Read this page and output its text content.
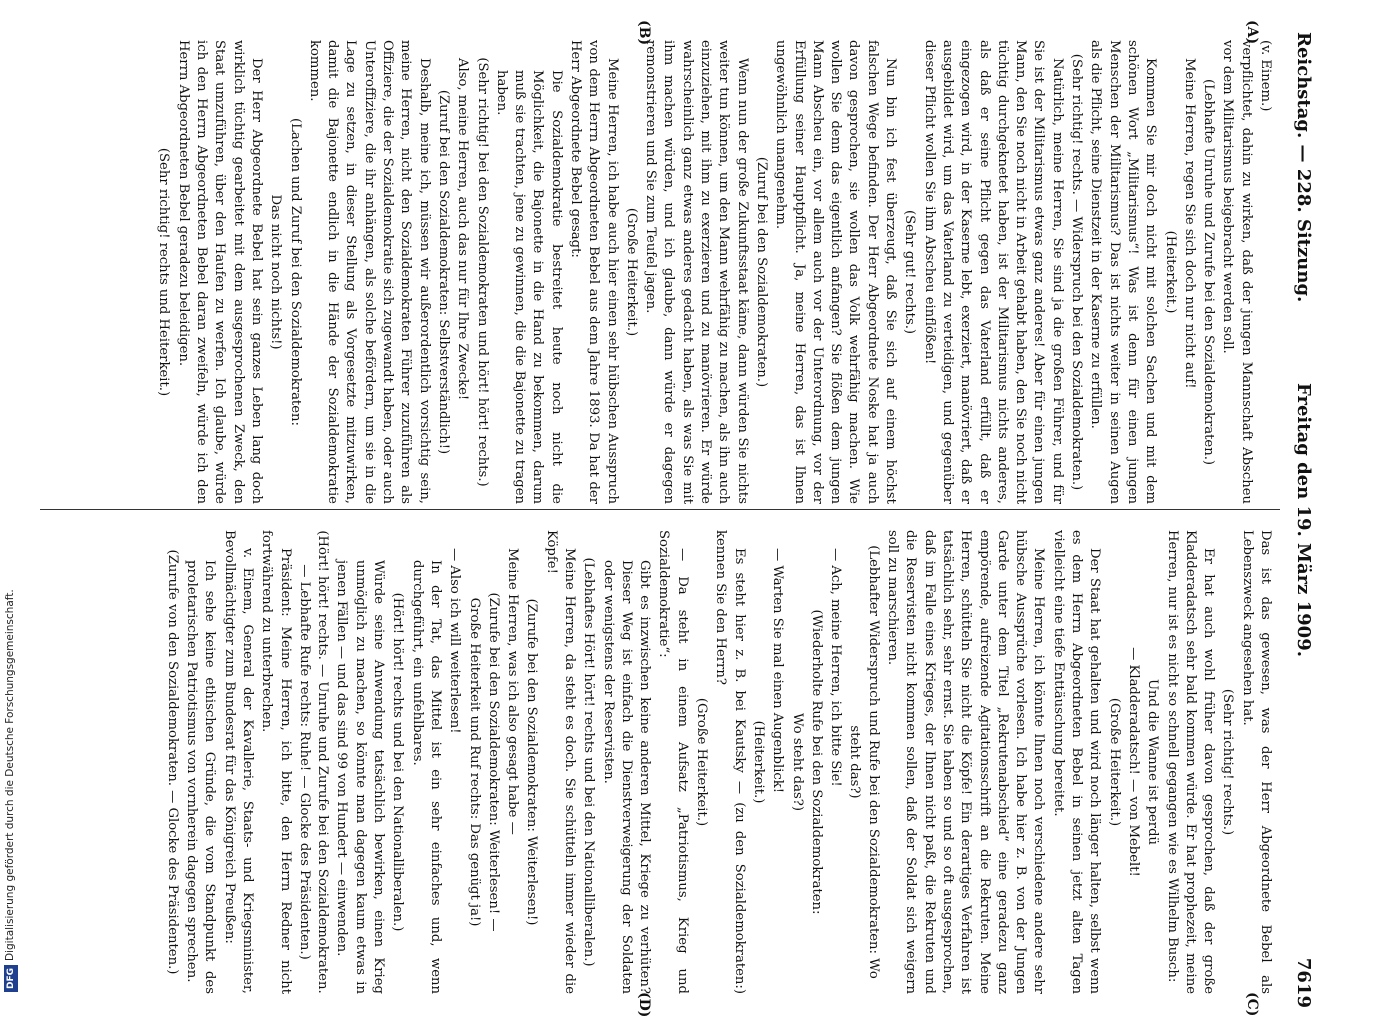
DFGDigitalisierung gefördert durch die Deutsche Forschungsgemeinschaft.
Reichstag. — 228. Sitzung.
Freitag den 19. März 1909.
7619
(A)
(B)
(C)
(D)

(v. Einem.)

verpflichtet, dahin zu wirken, daß der jungen Mannschaft Abscheu vor dem Militarismus beigebracht werden soll.

(Lebhafte Unruhe und Zurufe bei den Sozialdemokraten.)

Meine Herren, regen Sie sich doch nur nicht auf!

(Heiterkeit.)

Kommen Sie mir doch nicht mit solchen Sachen und mit dem schönen Wort „Militarismus“! Was ist denn für einen jungen Menschen der Militarismus? Das ist nichts weiter in seinen Augen als die Pflicht, seine Dienstzeit in der Kaserne zu erfüllen.

(Sehr richtig! rechts. — Widerspruch bei den Sozialdemokraten.)

Natürlich, meine Herren, Sie sind ja die großen Führer, und für Sie ist der Militarismus etwas ganz anderes! Aber für einen jungen Mann, den Sie noch nicht in Arbeit gehabt haben, den Sie noch nicht tüchtig durchgeknetet haben, ist der Militarismus nichts anderes, als daß er seine Pflicht gegen das Vaterland erfüllt, daß er eingezogen wird, in der Kaserne lebt, exerziert, manövriert, daß er ausgebildet wird, um das Vaterland zu verteidigen, und gegenüber dieser Pflicht wollen Sie ihm Abscheu einflößen!

(Sehr gut! rechts.)

Nun bin ich fest überzeugt, daß Sie sich auf einem höchst falschen Wege befinden. Der Herr Abgeordnete Noske hat ja auch davon gesprochen, sie wollen das Volk wehrfähig machen. Wie wollen Sie denn das eigentlich anfangen? Sie flößen dem jungen Mann Abscheu ein, vor allem auch vor der Unterordnung, vor der Erfüllung seiner Hauptpflicht. Ja, meine Herren, das ist Ihnen ungewöhnlich unangenehm.

(Zuruf bei den Sozialdemokraten.)

Wenn nun der große Zukunftsstaat käme, dann würden Sie nichts weiter tun können, um den Mann wehrfähig zu machen, als ihn auch einzuziehen, mit ihm zu exerzieren und zu manövrieren. Er würde wahrscheinlich ganz etwas anderes gedacht haben, als was Sie mit ihm machen würden, und ich glaube, dann würde er dagegen remonstrieren und Sie zum Teufel jagen.

(Große Heiterkeit.)

Meine Herren, ich habe auch hier einen sehr hübschen Ausspruch von dem Herrn Abgeordneten Bebel aus dem Jahre 1893. Da hat der Herr Abgeordnete Bebel gesagt:

Die Sozialdemokratie bestreitet heute noch nicht die Möglichkeit, die Bajonette in die Hand zu bekommen, darum muß sie trachten, jene zu gewinnen, die die Bajonette zu tragen haben.

(Sehr richtig! bei den Sozialdemokraten und hört! hört! rechts.)

Also, meine Herren, auch das nur für Ihre Zwecke!

(Zuruf bei den Sozialdemokraten: Selbstverständlich!)

Deshalb, meine ich, müssen wir außerordentlich vorsichtig sein, meine Herren, nicht den Sozialdemokraten Führer zuzuführen als Offiziere, die der Sozialdemokratie sich zugewandt haben, oder auch Unteroffiziere, die ihr anhängen, als solche befördern, um sie in die Lage zu setzen, in dieser Stellung als Vorgesetzte mitzuwirken, damit die Bajonette endlich in die Hände der Sozialdemokratie kommen.

(Lachen und Zuruf bei den Sozialdemokraten:

Das nicht noch nichts!)

Der Herr Abgeordnete Bebel hat sein ganzes Leben lang doch wirklich tüchtig gearbeitet mit dem ausgesprochenen Zweck, den Staat umzuführen, über den Haufen zu werfen. Ich glaube, würde ich den Herrn Abgeordneten Bebel daran zweifeln, würde ich den Herrn Abgeordneten Bebel geradezu beleidigen.

(Sehr richtig! rechts und Heiterkeit.)

Das ist das gewesen, was der Herr Abgeordnete Bebel als Lebenszweck angesehen hat.

(Sehr richtig! rechts.)

Er hat auch wohl früher davon gesprochen, daß der große Kladderadatsch sehr bald kommen würde. Er hat prophezeit, meine Herren, nur ist es nicht so schnell gegangen wie es Wilhelm Busch:

Und die Wanne ist perdü

— Kladderadatsch! — von Mebelt!

(Große Heiterkeit.)

Der Staat hat gehalten und wird noch länger halten, selbst wenn es dem Herrn Abgeordneten Bebel in seinen jetzt alten Tagen vielleicht eine tiefe Enttäuschung bereitet.

Meine Herren, ich könnte Ihnen noch verschiedene andere sehr hübsche Aussprüche vorlesen. Ich habe hier z. B. von der Jungen Garde unter dem Titel „Rekrutenabschied“ eine geradezu ganz empörende, aufreizende Agitationsschrift an die Rekruten. Meine Herren, schütteln Sie nicht die Köpfe! Ein derartiges Verfahren ist tatsächlich sehr, sehr ernst. Sie haben so und so oft ausgesprochen, daß im Falle eines Krieges, der Ihnen nicht paßt, die Rekruten und die Reservisten nicht kommen sollen, daß der Soldat sich weigern soll zu marschieren.

(Lebhafter Widerspruch und Rufe bei den Sozialdemokraten: Wo steht das?)

— Ach, meine Herren, ich bitte Sie!

(Wiederholte Rufe bei den Sozialdemokraten:

Wo steht das?)

— Warten Sie mal einen Augenblick!

(Heiterkeit.)

Es steht hier z. B. bei Kautsky — (zu den Sozialdemokraten:) kennen Sie den Herrn?

(Große Heiterkeit.)

— Da steht in einem Aufsatz „Patriotismus, Krieg und Sozialdemokratie“:

Gibt es inzwischen keine anderen Mittel, Kriege zu verhüten? Dieser Weg ist einfach die Dienstverweigerung der Soldaten oder wenigstens der Reservisten.

(Lebhaftes Hört! hört! rechts und bei den Nationalliberalen.)

Meine Herren, da steht es doch. Sie schütteln immer wieder die Köpfe!

(Zurufe bei den Sozialdemokraten: Weiterlesen!)

Meine Herren, was ich also gesagt habe —

(Zurufe bei den Sozialdemokraten: Weiterlesen! —

Große Heiterkeit und Ruf rechts: Das genügt ja!)

— Also ich will weiterlesen!

In der Tat, das Mittel ist ein sehr einfaches und, wenn durchgeführt, ein unfehlbares.

(Hört! hört! rechts und bei den Nationalliberalen.)

Würde seine Anwendung tatsächlich bewirken, einen Krieg unmöglich zu machen, so könnte man dagegen kaum etwas in jenen Fällen — und das sind 99 von Hundert — einwenden.

(Hört! hört! rechts. — Unruhe und Zurufe bei den Sozialdemokraten. — Lebhafte Rufe rechts: Ruhe! — Glocke des Präsidenten.)

Präsident: Meine Herren, ich bitte, den Herrn Redner nicht fortwährend zu unterbrechen.

v. Einem, General der Kavallerie, Staats- und Kriegsminister, Bevollmächtigter zum Bundesrat für das Königreich Preußen:

Ich sehe keine ethischen Gründe, die vom Standpunkt des proletarischen Patriotismus von vornherein dagegen sprechen.

(Zurufe von den Sozialdemokraten. — Glocke des Präsidenten.)
